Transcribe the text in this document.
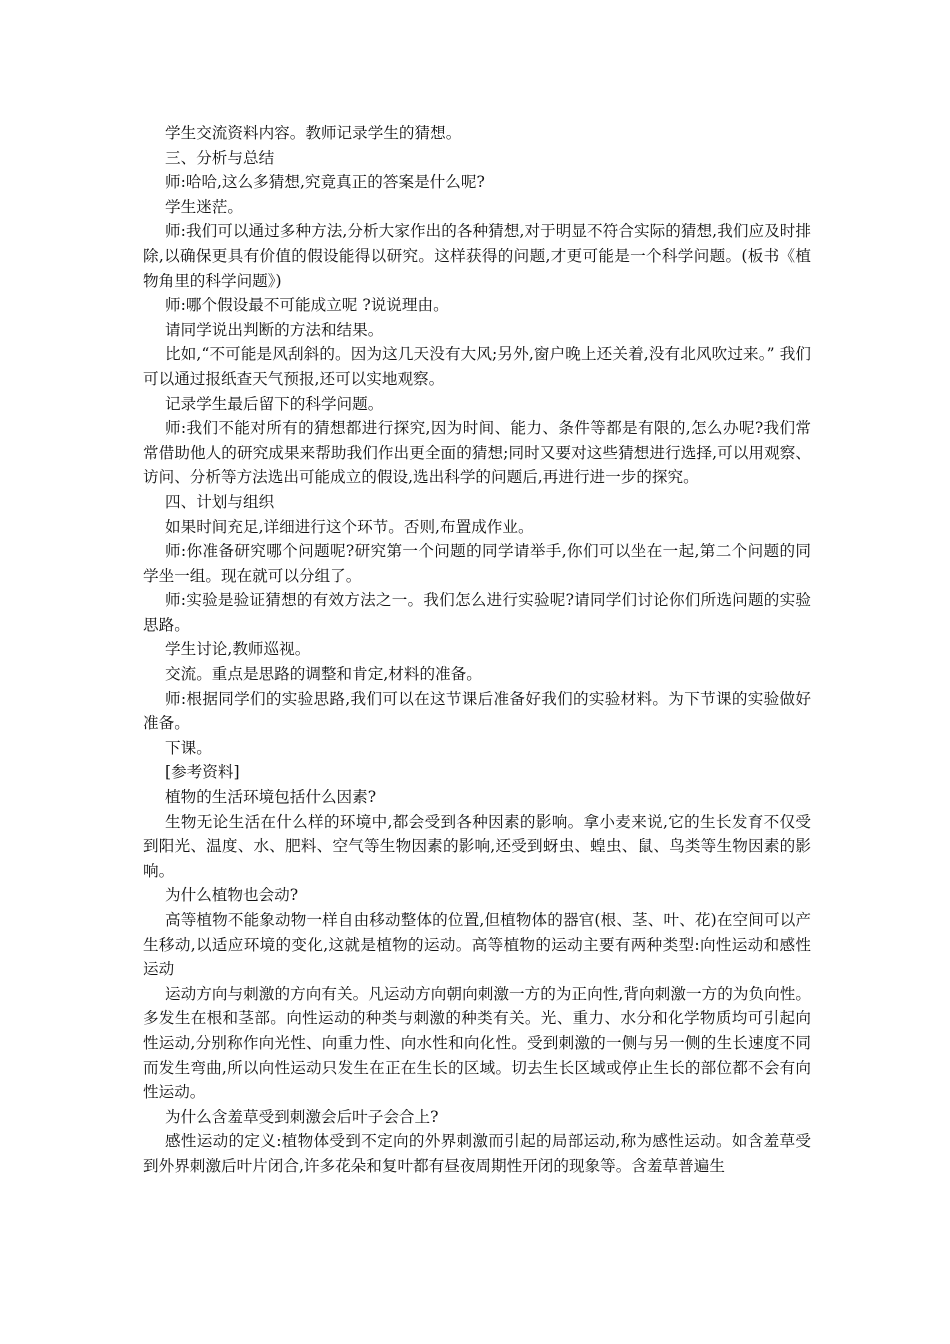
学生交流资料内容。教师记录学生的猜想。

三、分析与总结

师:哈哈,这么多猜想,究竟真正的答案是什么呢?

学生迷茫。

师:我们可以通过多种方法,分析大家作出的各种猜想,对于明显不符合实际的猜想,我们应及时排除,以确保更具有价值的假设能得以研究。这样获得的问题,才更可能是一个科学问题。(板书《植物角里的科学问题》)

师:哪个假设最不可能成立呢 ?说说理由。

请同学说出判断的方法和结果。

比如,“不可能是风刮斜的。因为这几天没有大风;另外,窗户晚上还关着,没有北风吹过来。” 我们可以通过报纸查天气预报,还可以实地观察。

记录学生最后留下的科学问题。

师:我们不能对所有的猜想都进行探究,因为时间、能力、条件等都是有限的,怎么办呢?我们常常借助他人的研究成果来帮助我们作出更全面的猜想;同时又要对这些猜想进行选择,可以用观察、访问、分析等方法选出可能成立的假设,选出科学的问题后,再进行进一步的探究。

四、计划与组织

如果时间充足,详细进行这个环节。否则,布置成作业。

师:你准备研究哪个问题呢?研究第一个问题的同学请举手,你们可以坐在一起,第二个问题的同学坐一组。现在就可以分组了。

师:实验是验证猜想的有效方法之一。我们怎么进行实验呢?请同学们讨论你们所选问题的实验思路。

学生讨论,教师巡视。

交流。重点是思路的调整和肯定,材料的准备。

师:根据同学们的实验思路,我们可以在这节课后准备好我们的实验材料。为下节课的实验做好准备。

下课。

[参考资料]

植物的生活环境包括什么因素?

生物无论生活在什么样的环境中,都会受到各种因素的影响。拿小麦来说,它的生长发育不仅受到阳光、温度、水、肥料、空气等生物因素的影响,还受到蚜虫、蝗虫、鼠、鸟类等生物因素的影响。

为什么植物也会动?

高等植物不能象动物一样自由移动整体的位置,但植物体的器官(根、茎、叶、花)在空间可以产生移动,以适应环境的变化,这就是植物的运动。高等植物的运动主要有两种类型:向性运动和感性运动

运动方向与刺激的方向有关。凡运动方向朝向刺激一方的为正向性,背向刺激一方的为负向性。多发生在根和茎部。向性运动的种类与刺激的种类有关。光、重力、水分和化学物质均可引起向性运动,分别称作向光性、向重力性、向水性和向化性。受到刺激的一侧与另一侧的生长速度不同而发生弯曲,所以向性运动只发生在正在生长的区域。切去生长区域或停止生长的部位都不会有向性运动。

为什么含羞草受到刺激会后叶子会合上?

感性运动的定义:植物体受到不定向的外界刺激而引起的局部运动,称为感性运动。如含羞草受到外界刺激后叶片闭合,许多花朵和复叶都有昼夜周期性开闭的现象等。含羞草普遍生
